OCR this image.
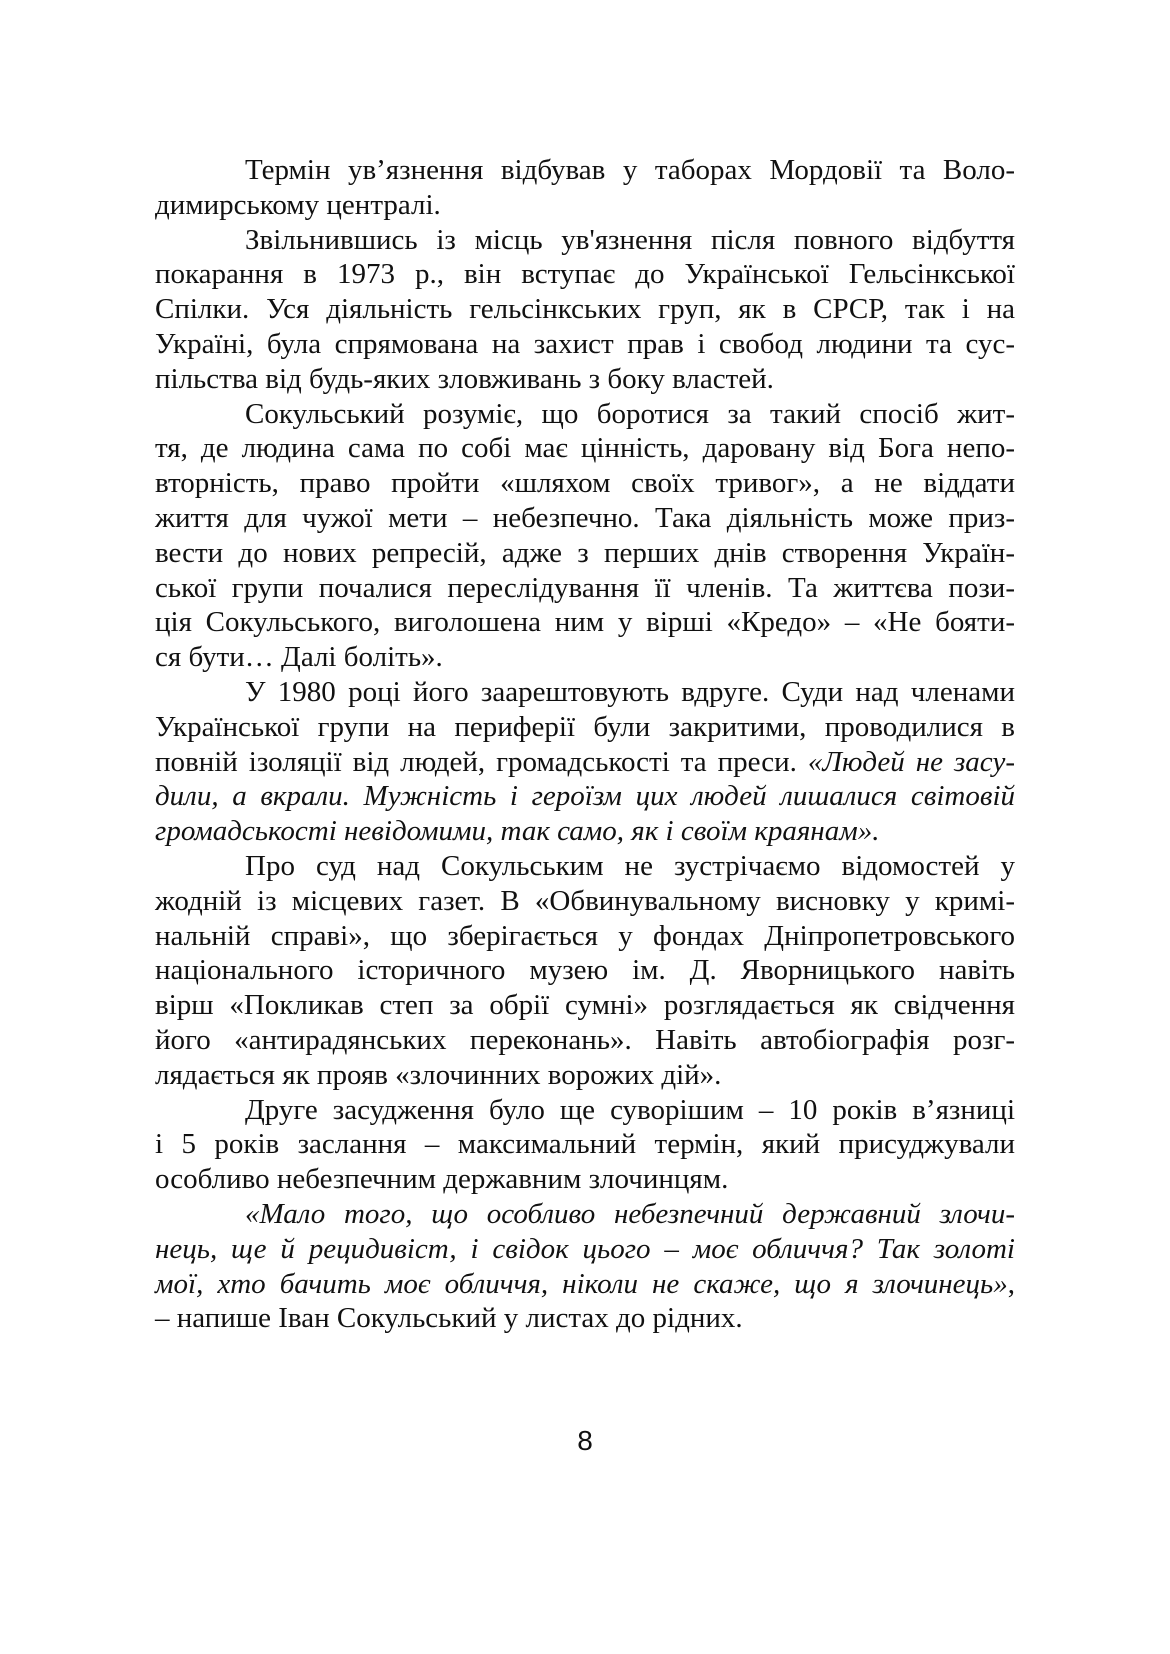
Термін ув’язнення відбував у таборах Мордовії та Воло-
димирському централі.
Звільнившись із місць ув'язнення після повного відбуття
покарання в 1973 р., він вступає до Української Гельсінкської
Спілки. Уся діяльність гельсінкських груп, як в СРСР, так і на
Україні, була спрямована на захист прав і свобод людини та сус-
пільства від будь-яких зловживань з боку властей.
Сокульський розуміє, що боротися за такий спосіб жит-
тя, де людина сама по собі має цінність, даровану від Бога непо-
вторність, право пройти «шляхом своїх тривог», а не віддати
життя для чужої мети – небезпечно. Така діяльність може приз-
вести до нових репресій, адже з перших днів створення Україн-
ської групи почалися переслідування її членів. Та життєва пози-
ція Сокульського, виголошена ним у вірші «Кредо» – «Не бояти-
ся бути… Далі боліть».
У 1980 році його заарештовують вдруге. Суди над членами
Української групи на периферії були закритими, проводилися в
повній ізоляції від людей, громадськості та преси. «Людей не засу-
дили, а вкрали. Мужність і героїзм цих людей лишалися світовій
громадськості невідомими, так само, як і своїм краянам».
Про суд над Сокульським не зустрічаємо відомостей у
жодній із місцевих газет. В «Обвинувальному висновку у кримі-
нальній справі», що зберігається у фондах Дніпропетровського
національного історичного музею ім. Д. Яворницького навіть
вірш «Покликав степ за обрії сумні» розглядається як свідчення
його «антирадянських переконань». Навіть автобіографія розг-
лядається як прояв «злочинних ворожих дій».
Друге засудження було ще суворішим – 10 років в’язниці
і 5 років заслання – максимальний термін, який присуджували
особливо небезпечним державним злочинцям.
«Мало того, що особливо небезпечний державний злочи-
нець, ще й рецидивіст, і свідок цього – моє обличчя? Так золоті
мої, хто бачить моє обличчя, ніколи не скаже, що я злочинець»,
– напише Іван Сокульський у листах до рідних.
8
